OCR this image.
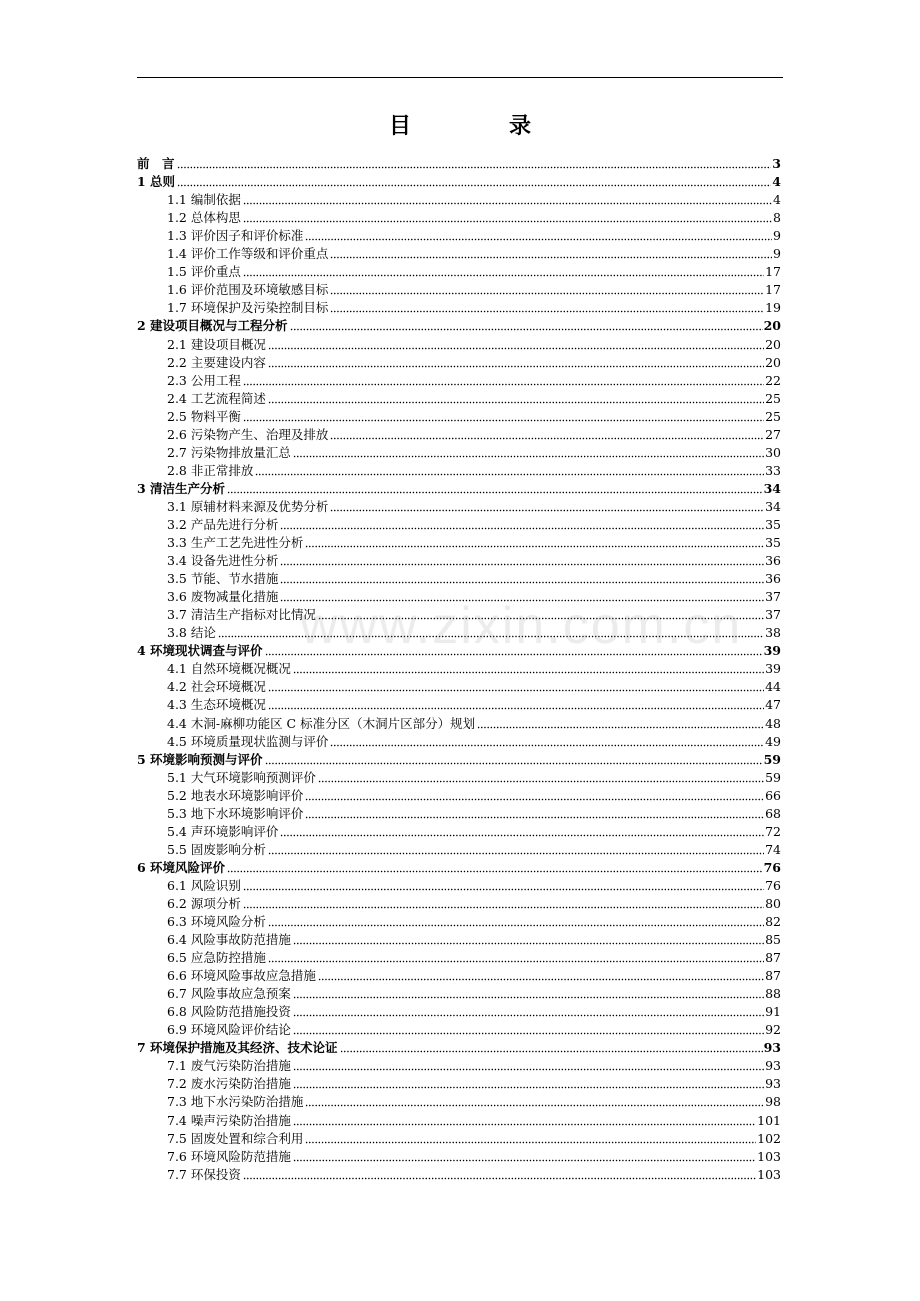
目　录
前　言	3
1 总则	4
1.1 编制依据	4
1.2 总体构思	8
1.3 评价因子和评价标准	9
1.4 评价工作等级和评价重点	9
1.5 评价重点	17
1.6 评价范围及环境敏感目标	17
1.7 环境保护及污染控制目标	19
2 建设项目概况与工程分析	20
2.1 建设项目概况	20
2.2 主要建设内容	20
2.3 公用工程	22
2.4 工艺流程简述	25
2.5 物料平衡	25
2.6 污染物产生、治理及排放	27
2.7 污染物排放量汇总	30
2.8 非正常排放	33
3 清洁生产分析	34
3.1 原辅材料来源及优势分析	34
3.2 产品先进行分析	35
3.3 生产工艺先进性分析	35
3.4 设备先进性分析	36
3.5 节能、节水措施	36
3.6 废物减量化措施	37
3.7 清洁生产指标对比情况	37
3.8 结论	38
4 环境现状调查与评价	39
4.1 自然环境概况概况	39
4.2 社会环境概况	44
4.3 生态环境概况	47
4.4 木洞-麻柳功能区 C 标准分区（木洞片区部分）规划	48
4.5 环境质量现状监测与评价	49
5 环境影响预测与评价	59
5.1 大气环境影响预测评价	59
5.2 地表水环境影响评价	66
5.3 地下水环境影响评价	68
5.4 声环境影响评价	72
5.5 固废影响分析	74
6 环境风险评价	76
6.1 风险识别	76
6.2 源项分析	80
6.3 环境风险分析	82
6.4 风险事故防范措施	85
6.5 应急防控措施	87
6.6 环境风险事故应急措施	87
6.7 风险事故应急预案	88
6.8 风险防范措施投资	91
6.9 环境风险评价结论	92
7 环境保护措施及其经济、技术论证	93
7.1 废气污染防治措施	93
7.2 废水污染防治措施	93
7.3 地下水污染防治措施	98
7.4 噪声污染防治措施	101
7.5 固废处置和综合利用	102
7.6 环境风险防范措施	103
7.7 环保投资	103
www.zixin.com.cn
